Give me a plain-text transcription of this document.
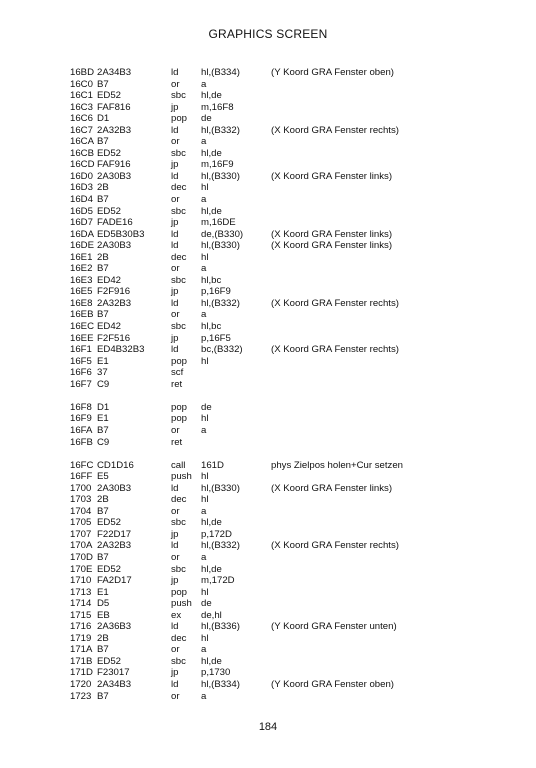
GRAPHICS SCREEN
16BD 2A34B3	ld hl,(B334)	(Y Koord GRA Fenster oben)
16C0 B7	or a
16C1 ED52	sbc hl,de
16C3 FAF816	jp m,16F8
16C6 D1	pop de
16C7 2A32B3	ld hl,(B332)	(X Koord GRA Fenster rechts)
16CA B7	or a
16CB ED52	sbc hl,de
16CD FAF916	jp m,16F9
16D0 2A30B3	ld hl,(B330)	(X Koord GRA Fenster links)
16D3 2B	dec hl
16D4 B7	or a
16D5 ED52	sbc hl,de
16D7 FADE16	jp m,16DE
16DA ED5B30B3	ld de,(B330)	(X Koord GRA Fenster links)
16DE 2A30B3	ld hl,(B330)	(X Koord GRA Fenster links)
16E1 2B	dec hl
16E2 B7	or a
16E3 ED42	sbc hl,bc
16E5 F2F916	jp p,16F9
16E8 2A32B3	ld hl,(B332)	(X Koord GRA Fenster rechts)
16EB B7	or a
16EC ED42	sbc hl,bc
16EE F2F516	jp p,16F5
16F1 ED4B32B3	ld bc,(B332)	(X Koord GRA Fenster rechts)
16F5 E1	pop hl
16F6 37	scf
16F7 C9	ret
16F8 D1	pop de
16F9 E1	pop hl
16FA B7	or a
16FB C9	ret
16FC CD1D16	call 161D	phys Zielpos holen+Cur setzen
16FF E5	push hl
1700 2A30B3	ld hl,(B330)	(X Koord GRA Fenster links)
1703 2B	dec hl
1704 B7	or a
1705 ED52	sbc hl,de
1707 F22D17	jp p,172D
170A 2A32B3	ld hl,(B332)	(X Koord GRA Fenster rechts)
170D B7	or a
170E ED52	sbc hl,de
1710 FA2D17	jp m,172D
1713 E1	pop hl
1714 D5	push de
1715 EB	ex de,hl
1716 2A36B3	ld hl,(B336)	(Y Koord GRA Fenster unten)
1719 2B	dec hl
171A B7	or a
171B ED52	sbc hl,de
171D F23017	jp p,1730
1720 2A34B3	ld hl,(B334)	(Y Koord GRA Fenster oben)
1723 B7	or a
184
